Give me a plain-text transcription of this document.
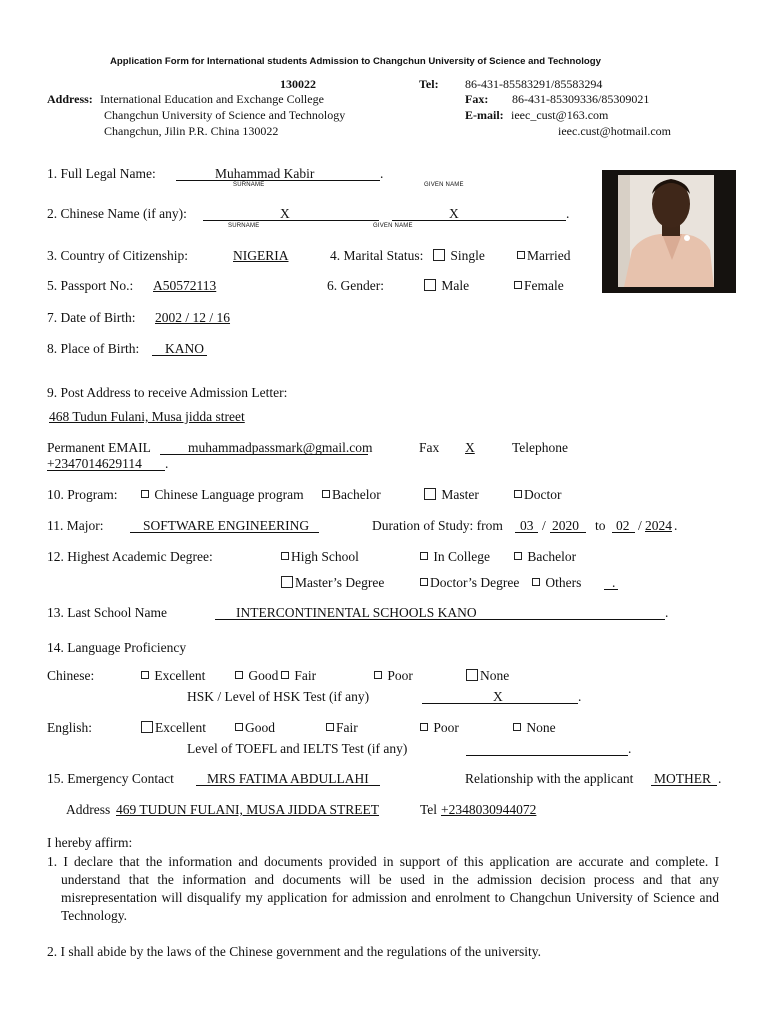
Application Form for International students Admission to Changchun University of Science and Technology
130022	Tel: 86-431-85583291/85583294
Address: International Education and Exchange College
Changchun University of Science and Technology
Changchun, Jilin P.R. China 130022
Fax: 86-431-85309336/85309021
E-mail: ieec_cust@163.com
ieec.cust@hotmail.com
1. Full Legal Name:	Muhammad Kabir	.
SURNAME	GIVEN NAME
2. Chinese Name (if any):	X	X	.
SURNAME	GIVEN NAME
3. Country of Citizenship:	NIGERIA	4. Marital Status:	Single	Married
5. Passport No.: A50572113	6. Gender:	Male	Female
7. Date of Birth: 2002 / 12 / 16
8. Place of Birth: KANO
9. Post Address to receive Admission Letter:
468 Tudun Fulani, Musa jidda street
Permanent EMAIL	muhammadpassmark@gmail.com	Fax X	Telephone
+2347014629114 .
10. Program:	Chinese Language program	Bachelor	Master	Doctor
11. Major:	SOFTWARE ENGINEERING	Duration of Study: from 03 / 2020 to 02 / 2024 .
12. Highest Academic Degree:	High School	In College	Bachelor
Master’s Degree	Doctor’s Degree	Others .
13. Last School Name	INTERCONTINENTAL SCHOOLS KANO	.
14. Language Proficiency
Chinese:	Excellent	Good	Fair	Poor	None
HSK / Level of HSK Test (if any)	X	.
English:	Excellent	Good	Fair	Poor	None
Level of TOEFL and IELTS Test (if any)	.
15. Emergency Contact MRS FATIMA ABDULLAHI	Relationship with the applicant MOTHER .
Address 469 TUDUN FULANI, MUSA JIDDA STREET	Tel +2348030944072
I hereby affirm:
1. I declare that the information and documents provided in support of this application are accurate and complete. I understand that the information and documents will be used in the admission decision process and that any misrepresentation will disqualify my application for admission and enrolment to Changchun University of Science and Technology.
2. I shall abide by the laws of the Chinese government and the regulations of the university.
